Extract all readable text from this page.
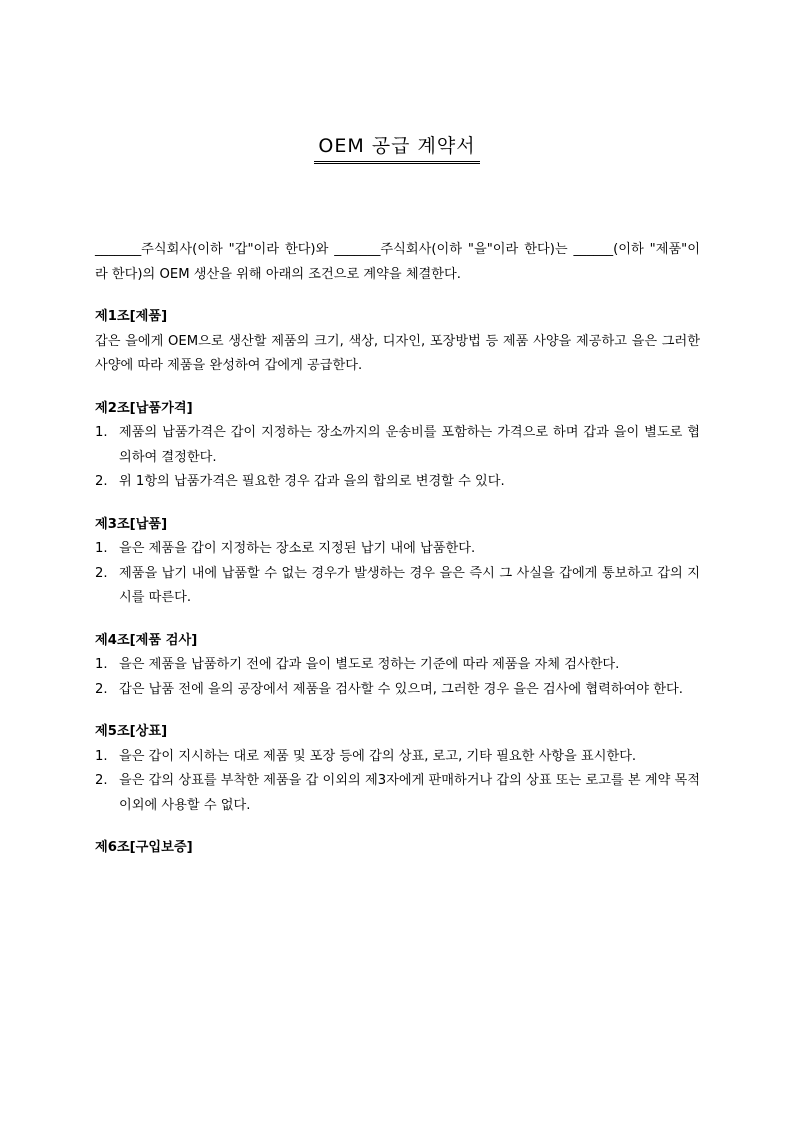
OEM 공급 계약서

_______주식회사(이하 "갑"이라 한다)와 _______주식회사(이하 "을"이라 한다)는 ______(이하 "제품"이라 한다)의 OEM 생산을 위해 아래의 조건으로 계약을 체결한다.

제1조[제품]

갑은 을에게 OEM으로 생산할 제품의 크기, 색상, 디자인, 포장방법 등 제품 사양을 제공하고 을은 그러한 사양에 따라 제품을 완성하여 갑에게 공급한다.

제2조[납품가격]

1. 제품의 납품가격은 갑이 지정하는 장소까지의 운송비를 포함하는 가격으로 하며 갑과 을이 별도로 협의하여 결정한다.
2. 위 1항의 납품가격은 필요한 경우 갑과 을의 합의로 변경할 수 있다.

제3조[납품]

1. 을은 제품을 갑이 지정하는 장소로 지정된 납기 내에 납품한다.
2. 제품을 납기 내에 납품할 수 없는 경우가 발생하는 경우 을은 즉시 그 사실을 갑에게 통보하고 갑의 지시를 따른다.

제4조[제품 검사]

1. 을은 제품을 납품하기 전에 갑과 을이 별도로 정하는 기준에 따라 제품을 자체 검사한다.
2. 갑은 납품 전에 을의 공장에서 제품을 검사할 수 있으며, 그러한 경우 을은 검사에 협력하여야 한다.

제5조[상표]

1. 을은 갑이 지시하는 대로 제품 및 포장 등에 갑의 상표, 로고, 기타 필요한 사항을 표시한다.
2. 을은 갑의 상표를 부착한 제품을 갑 이외의 제3자에게 판매하거나 갑의 상표 또는 로고를 본 계약 목적 이외에 사용할 수 없다.

제6조[구입보증]
